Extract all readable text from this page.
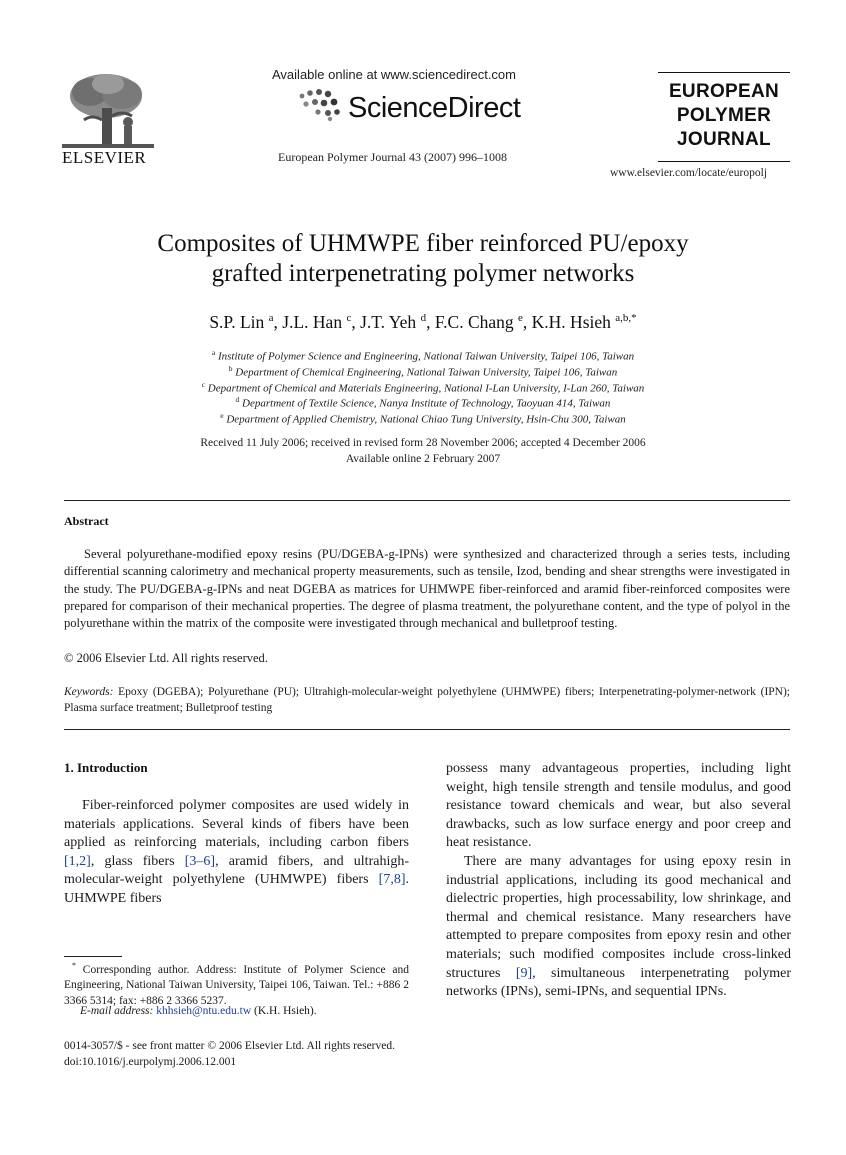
ELSEVIER
Available online at www.sciencedirect.com
ScienceDirect
European Polymer Journal 43 (2007) 996–1008
EUROPEAN
POLYMER
JOURNAL
www.elsevier.com/locate/europolj
Composites of UHMWPE fiber reinforced PU/epoxy
grafted interpenetrating polymer networks
S.P. Lin $^a$, J.L. Han $^c$, J.T. Yeh $^d$, F.C. Chang $^e$, K.H. Hsieh $^{a,b,*}$
$^a$ Institute of Polymer Science and Engineering, National Taiwan University, Taipei 106, Taiwan
$^b$ Department of Chemical Engineering, National Taiwan University, Taipei 106, Taiwan
$^c$ Department of Chemical and Materials Engineering, National I-Lan University, I-Lan 260, Taiwan
$^d$ Department of Textile Science, Nanya Institute of Technology, Taoyuan 414, Taiwan
$^e$ Department of Applied Chemistry, National Chiao Tung University, Hsin-Chu 300, Taiwan
Received 11 July 2006; received in revised form 28 November 2006; accepted 4 December 2006
Available online 2 February 2007
Abstract

Several polyurethane-modified epoxy resins (PU/DGEBA-g-IPNs) were synthesized and characterized through a series tests, including differential scanning calorimetry and mechanical property measurements, such as tensile, Izod, bending and shear strengths were investigated in the study. The PU/DGEBA-g-IPNs and neat DGEBA as matrices for UHMWPE fiber-reinforced and aramid fiber-reinforced composites were prepared for comparison of their mechanical properties. The degree of plasma treatment, the polyurethane content, and the type of polyol in the polyurethane within the matrix of the composite were investigated through mechanical and bulletproof testing.

© 2006 Elsevier Ltd. All rights reserved.

Keywords: Epoxy (DGEBA); Polyurethane (PU); Ultrahigh-molecular-weight polyethylene (UHMWPE) fibers; Interpenetrating-polymer-network (IPN); Plasma surface treatment; Bulletproof testing

1. Introduction

Fiber-reinforced polymer composites are used widely in materials applications. Several kinds of fibers have been applied as reinforcing materials, including carbon fibers [1,2], glass fibers [3–6], aramid fibers, and ultrahigh-molecular-weight polyethylene (UHMWPE) fibers [7,8]. UHMWPE fibers

possess many advantageous properties, including light weight, high tensile strength and tensile modulus, and good resistance toward chemicals and wear, but also several drawbacks, such as low surface energy and poor creep and heat resistance.

There are many advantages for using epoxy resin in industrial applications, including its good mechanical and dielectric properties, high processability, low shrinkage, and thermal and chemical resistance. Many researchers have attempted to prepare composites from epoxy resin and other materials; such modified composites include cross-linked structures [9], simultaneous interpenetrating polymer networks (IPNs), semi-IPNs, and sequential IPNs.

* Corresponding author. Address: Institute of Polymer Science and Engineering, National Taiwan University, Taipei 106, Taiwan. Tel.: +886 2 3366 5314; fax: +886 2 3366 5237.

E-mail address: khhsieh@ntu.edu.tw (K.H. Hsieh).
0014-3057/$ - see front matter © 2006 Elsevier Ltd. All rights reserved.
doi:10.1016/j.eurpolymj.2006.12.001
